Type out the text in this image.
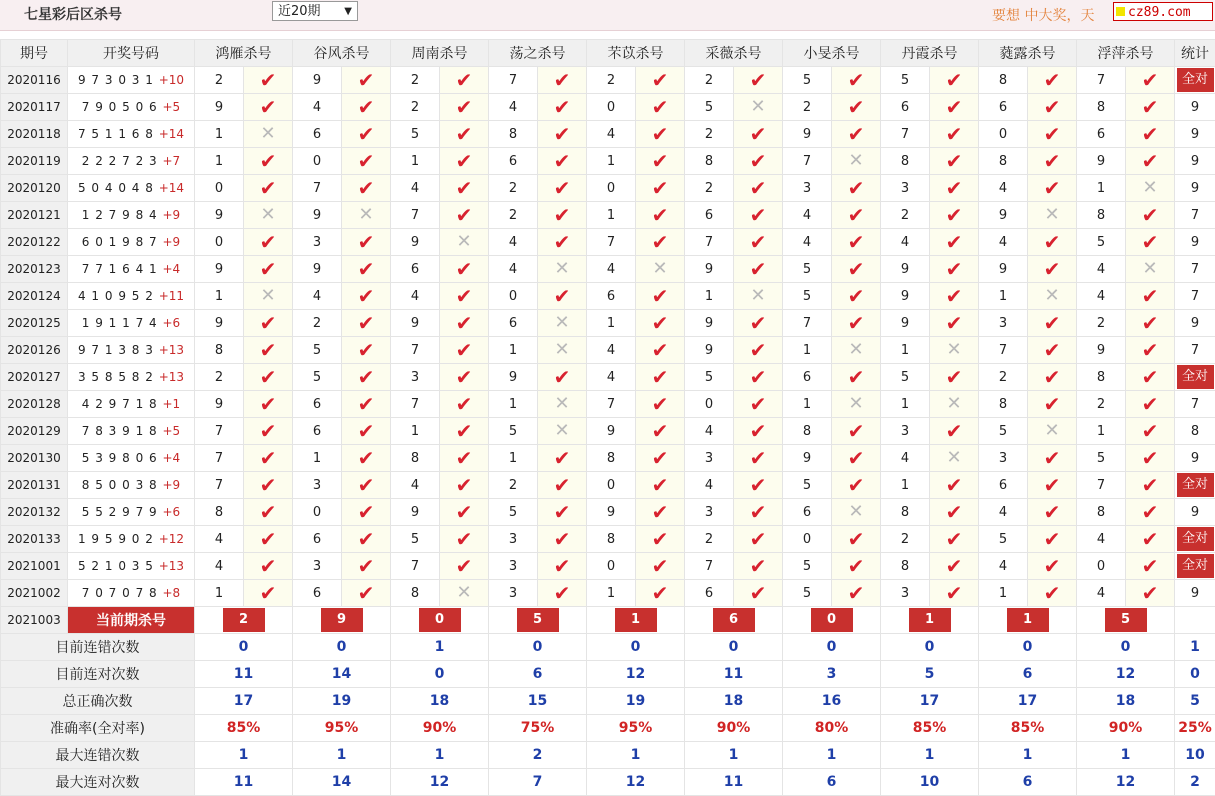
七星彩后区杀号	近20期 ▼	要想 中大奖，天	cz89.com
期号	开奖号码	鸿雁杀号		谷风杀号		周南杀号		荡之杀号		芣苡杀号		采薇杀号		小旻杀号		丹霞杀号		蕤露杀号		浮萍杀号		统计
2020116	9 7 3 0 3 1 +10	2	✔	9	✔	2	✔	7	✔	2	✔	2	✔	5	✔	5	✔	8	✔	7	✔	全对
2020117	7 9 0 5 0 6 +5	9	✔	4	✔	2	✔	4	✔	0	✔	5	✕	2	✔	6	✔	6	✔	8	✔	9
2020118	7 5 1 1 6 8 +14	1	✕	6	✔	5	✔	8	✔	4	✔	2	✔	9	✔	7	✔	0	✔	6	✔	9
2020119	2 2 2 7 2 3 +7	1	✔	0	✔	1	✔	6	✔	1	✔	8	✔	7	✕	8	✔	8	✔	9	✔	9
2020120	5 0 4 0 4 8 +14	0	✔	7	✔	4	✔	2	✔	0	✔	2	✔	3	✔	3	✔	4	✔	1	✕	9
2020121	1 2 7 9 8 4 +9	9	✕	9	✕	7	✔	2	✔	1	✔	6	✔	4	✔	2	✔	9	✕	8	✔	7
2020122	6 0 1 9 8 7 +9	0	✔	3	✔	9	✕	4	✔	7	✔	7	✔	4	✔	4	✔	4	✔	5	✔	9
2020123	7 7 1 6 4 1 +4	9	✔	9	✔	6	✔	4	✕	4	✕	9	✔	5	✔	9	✔	9	✔	4	✕	7
2020124	4 1 0 9 5 2 +11	1	✕	4	✔	4	✔	0	✔	6	✔	1	✕	5	✔	9	✔	1	✕	4	✔	7
2020125	1 9 1 1 7 4 +6	9	✔	2	✔	9	✔	6	✕	1	✔	9	✔	7	✔	9	✔	3	✔	2	✔	9
2020126	9 7 1 3 8 3 +13	8	✔	5	✔	7	✔	1	✕	4	✔	9	✔	1	✕	1	✕	7	✔	9	✔	7
2020127	3 5 8 5 8 2 +13	2	✔	5	✔	3	✔	9	✔	4	✔	5	✔	6	✔	5	✔	2	✔	8	✔	全对
2020128	4 2 9 7 1 8 +1	9	✔	6	✔	7	✔	1	✕	7	✔	0	✔	1	✕	1	✕	8	✔	2	✔	7
2020129	7 8 3 9 1 8 +5	7	✔	6	✔	1	✔	5	✕	9	✔	4	✔	8	✔	3	✔	5	✕	1	✔	8
2020130	5 3 9 8 0 6 +4	7	✔	1	✔	8	✔	1	✔	8	✔	3	✔	9	✔	4	✕	3	✔	5	✔	9
2020131	8 5 0 0 3 8 +9	7	✔	3	✔	4	✔	2	✔	0	✔	4	✔	5	✔	1	✔	6	✔	7	✔	全对
2020132	5 5 2 9 7 9 +6	8	✔	0	✔	9	✔	5	✔	9	✔	3	✔	6	✕	8	✔	4	✔	8	✔	9
2020133	1 9 5 9 0 2 +12	4	✔	6	✔	5	✔	3	✔	8	✔	2	✔	0	✔	2	✔	5	✔	4	✔	全对
2021001	5 2 1 0 3 5 +13	4	✔	3	✔	7	✔	3	✔	0	✔	7	✔	5	✔	8	✔	4	✔	0	✔	全对
2021002	7 0 7 0 7 8 +8	1	✔	6	✔	8	✕	3	✔	1	✔	6	✔	5	✔	3	✔	1	✔	4	✔	9
2021003	当前期杀号	2		9		0		5		1		6		0		1		1		5		
目前连错次数		0		0		1		0		0		0		0		0		0		0		1
目前连对次数		11		14		0		6		12		11		3		5		6		12		0
总正确次数		17		19		18		15		19		18		16		17		17		18		5
准确率(全对率)		85%		95%		90%		75%		95%		90%		80%		85%		85%		90%		25%
最大连错次数		1		1		1		2		1		1		1		1		1		1		10
最大连对次数		11		14		12		7		12		11		6		10		6		12		2
